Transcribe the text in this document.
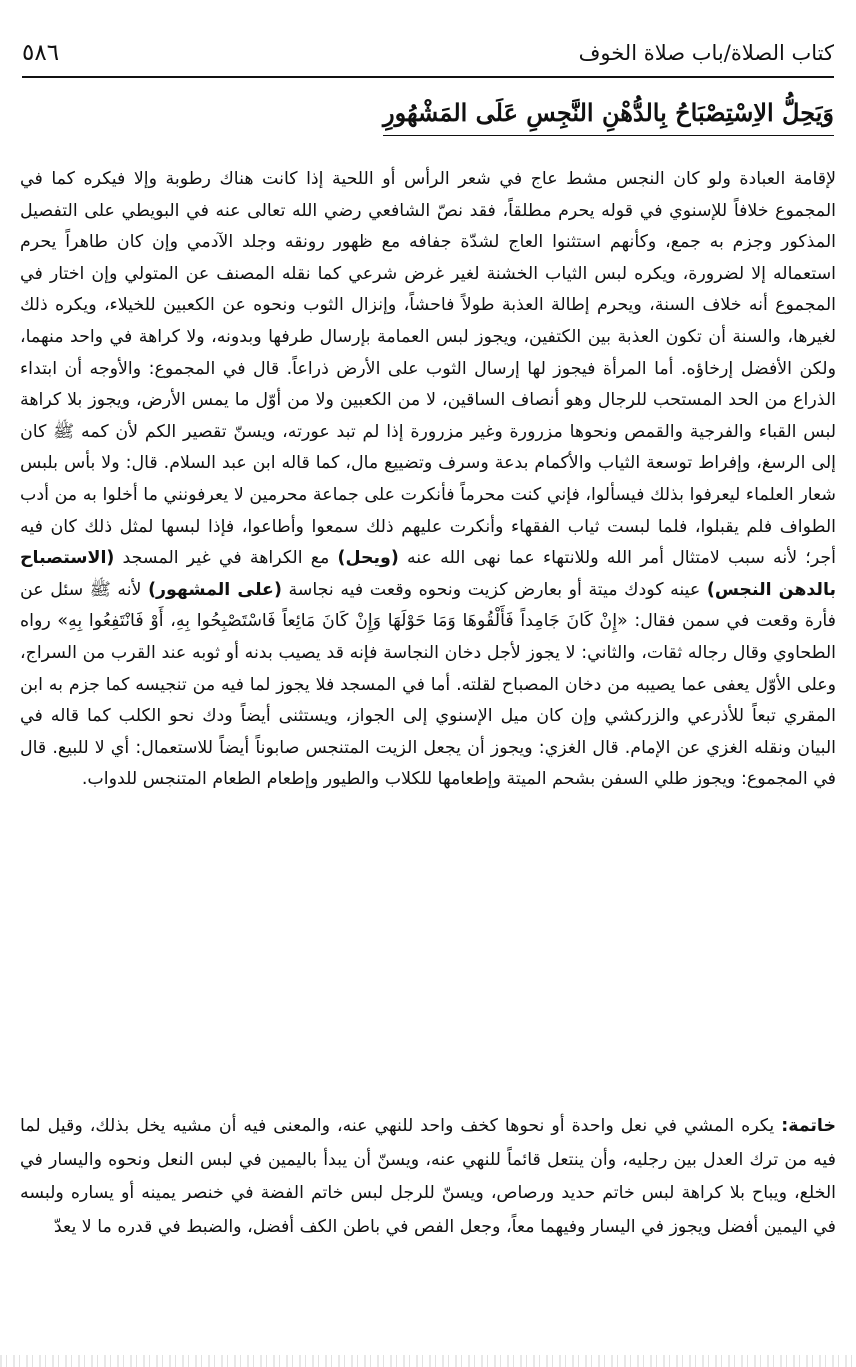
كتاب الصلاة/باب صلاة الخوف
٥٨٦
وَيَحِلُّ الاِسْتِصْبَاحُ بِالدُّهْنِ النَّجِسِ عَلَى المَشْهُورِ

لإقامة العبادة ولو كان النجس مشط عاج في شعر الرأس أو اللحية إذا كانت هناك رطوبة وإلا فيكره كما في المجموع خلافاً للإسنوي في قوله يحرم مطلقاً، فقد نصّ الشافعي رضي الله تعالى عنه في البويطي على التفصيل المذكور وجزم به جمع، وكأنهم استثنوا العاج لشدّة جفافه مع ظهور رونقه وجلد الآدمي وإن كان طاهراً يحرم استعماله إلا لضرورة، ويكره لبس الثياب الخشنة لغير غرض شرعي كما نقله المصنف عن المتولي وإن اختار في المجموع أنه خلاف السنة، ويحرم إطالة العذبة طولاً فاحشاً، وإنزال الثوب ونحوه عن الكعبين للخيلاء، ويكره ذلك لغيرها، والسنة أن تكون العذبة بين الكتفين، ويجوز لبس العمامة بإرسال طرفها وبدونه، ولا كراهة في واحد منهما، ولكن الأفضل إرخاؤه. أما المرأة فيجوز لها إرسال الثوب على الأرض ذراعاً. قال في المجموع: والأوجه أن ابتداء الذراع من الحد المستحب للرجال وهو أنصاف الساقين، لا من الكعبين ولا من أوّل ما يمس الأرض، ويجوز بلا كراهة لبس القباء والفرجية والقمص ونحوها مزرورة وغير مزرورة إذا لم تبد عورته، ويسنّ تقصير الكم لأن كمه ﷺ كان إلى الرسغ، وإفراط توسعة الثياب والأكمام بدعة وسرف وتضييع مال، كما قاله ابن عبد السلام. قال: ولا بأس بلبس شعار العلماء ليعرفوا بذلك فيسألوا، فإني كنت محرماً فأنكرت على جماعة محرمين لا يعرفونني ما أخلوا به من أدب الطواف فلم يقبلوا، فلما لبست ثياب الفقهاء وأنكرت عليهم ذلك سمعوا وأطاعوا، فإذا لبسها لمثل ذلك كان فيه أجر؛ لأنه سبب لامتثال أمر الله وللانتهاء عما نهى الله عنه (ويحل) مع الكراهة في غير المسجد (الاستصباح بالدهن النجس) عينه كودك ميتة أو بعارض كزيت ونحوه وقعت فيه نجاسة (على المشهور) لأنه ﷺ سئل عن فأرة وقعت في سمن فقال: «إِنْ كَانَ جَامِداً فَأَلْقُوهَا وَمَا حَوْلَهَا وَإِنْ كَانَ مَائِعاً فَاسْتَصْبِحُوا بِهِ، أَوْ فَانْتَفِعُوا بِهِ» رواه الطحاوي وقال رجاله ثقات، والثاني: لا يجوز لأجل دخان النجاسة فإنه قد يصيب بدنه أو ثوبه عند القرب من السراج، وعلى الأوّل يعفى عما يصيبه من دخان المصباح لقلته. أما في المسجد فلا يجوز لما فيه من تنجيسه كما جزم به ابن المقري تبعاً للأذرعي والزركشي وإن كان ميل الإسنوي إلى الجواز، ويستثنى أيضاً ودك نحو الكلب كما قاله في البيان ونقله الغزي عن الإمام. قال الغزي: ويجوز أن يجعل الزيت المتنجس صابوناً أيضاً للاستعمال: أي لا للبيع. قال في المجموع: ويجوز طلي السفن بشحم الميتة وإطعامها للكلاب والطيور وإطعام الطعام المتنجس للدواب.

خاتمة: يكره المشي في نعل واحدة أو نحوها كخف واحد للنهي عنه، والمعنى فيه أن مشيه يخل بذلك، وقيل لما فيه من ترك العدل بين رجليه، وأن ينتعل قائماً للنهي عنه، ويسنّ أن يبدأ باليمين في لبس النعل ونحوه واليسار في الخلع، ويباح بلا كراهة لبس خاتم حديد ورصاص، ويسنّ للرجل لبس خاتم الفضة في خنصر يمينه أو يساره ولبسه في اليمين أفضل ويجوز في اليسار وفيهما معاً، وجعل الفص في باطن الكف أفضل، والضبط في قدره ما لا يعدّ
